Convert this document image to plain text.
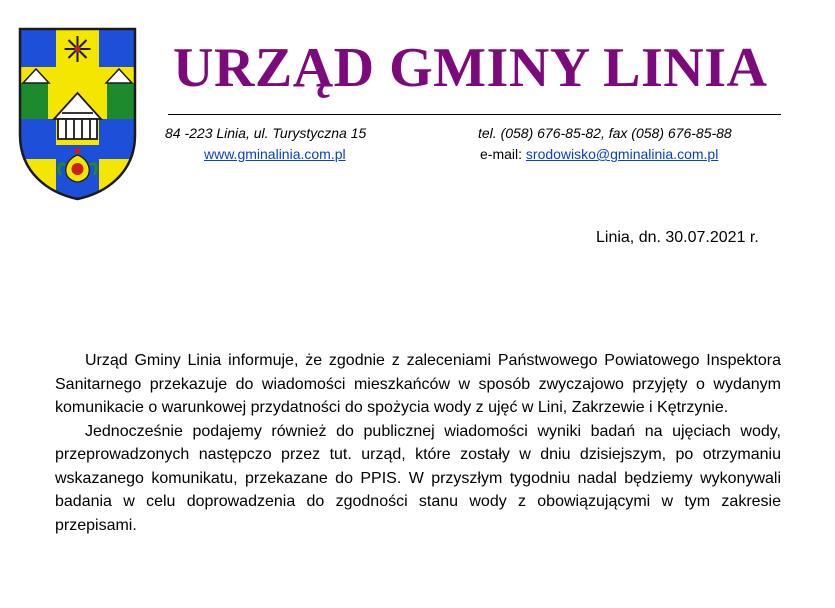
URZĄD GMINY LINIA
84 -223 Linia, ul. Turystyczna 15	tel. (058) 676-85-82, fax (058) 676-85-88
www.gminalinia.com.pl	e-mail: srodowisko@gminalinia.com.pl
Linia, dn. 30.07.2021 r.

Urząd Gminy Linia informuje, że zgodnie z zaleceniami Państwowego Powiatowego Inspektora Sanitarnego przekazuje do wiadomości mieszkańców w sposób zwyczajowo przyjęty o wydanym komunikacie o warunkowej przydatności do spożycia wody z ujęć w Lini, Zakrzewie i Kętrzynie.

Jednocześnie podajemy również do publicznej wiadomości wyniki badań na ujęciach wody, przeprowadzonych następczo przez tut. urząd, które zostały w dniu dzisiejszym, po otrzymaniu wskazanego komunikatu, przekazane do PPIS. W przyszłym tygodniu nadal będziemy wykonywali badania w celu doprowadzenia do zgodności stanu wody z obowiązującymi w tym zakresie przepisami.
